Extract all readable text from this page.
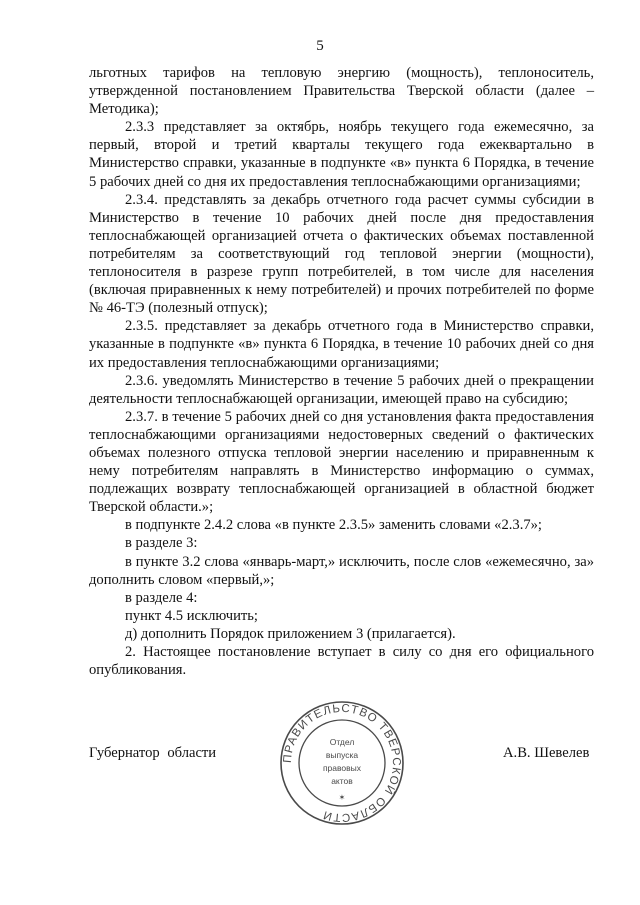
5

льготных тарифов на тепловую энергию (мощность), теплоноситель, утвержденной постановлением Правительства Тверской области (далее – Методика);

2.3.3 представляет за октябрь, ноябрь текущего года ежемесячно, за первый, второй и третий кварталы текущего года ежеквартально в Министерство справки, указанные в подпункте «в» пункта 6 Порядка, в течение 5 рабочих дней со дня их предоставления теплоснабжающими организациями;

2.3.4. представлять за декабрь отчетного года расчет суммы субсидии в Министерство в течение 10 рабочих дней после дня предоставления теплоснабжающей организацией отчета о фактических объемах поставленной потребителям за соответствующий год тепловой энергии (мощности), теплоносителя в разрезе групп потребителей, в том числе для населения (включая приравненных к нему потребителей) и прочих потребителей по форме № 46-ТЭ (полезный отпуск);

2.3.5. представляет за декабрь отчетного года в Министерство справки, указанные в подпункте «в» пункта 6 Порядка, в течение 10 рабочих дней со дня их предоставления теплоснабжающими организациями;

2.3.6. уведомлять Министерство в течение 5 рабочих дней о прекращении деятельности теплоснабжающей организации, имеющей право на субсидию;

2.3.7. в течение 5 рабочих дней со дня установления факта предоставления теплоснабжающими организациями недостоверных сведений о фактических объемах полезного отпуска тепловой энергии населению и приравненным к нему потребителям направлять в Министерство информацию о суммах, подлежащих возврату теплоснабжающей организацией в областной бюджет Тверской области.»;

в подпункте 2.4.2 слова «в пункте 2.3.5» заменить словами «2.3.7»;

в разделе 3:

в пункте 3.2 слова «январь-март,» исключить, после слов «ежемесячно, за» дополнить словом «первый,»;

в разделе 4:

пункт 4.5 исключить;

д) дополнить Порядок приложением 3 (прилагается).

2. Настоящее постановление вступает в силу со дня его официального опубликования.

Губернатор области	А.В. Шевелев
ПРАВИТЕЛЬСТВО ТВЕРСКОЙ ОБЛАСТИ
Отдел
выпуска
правовых
актов
✶
